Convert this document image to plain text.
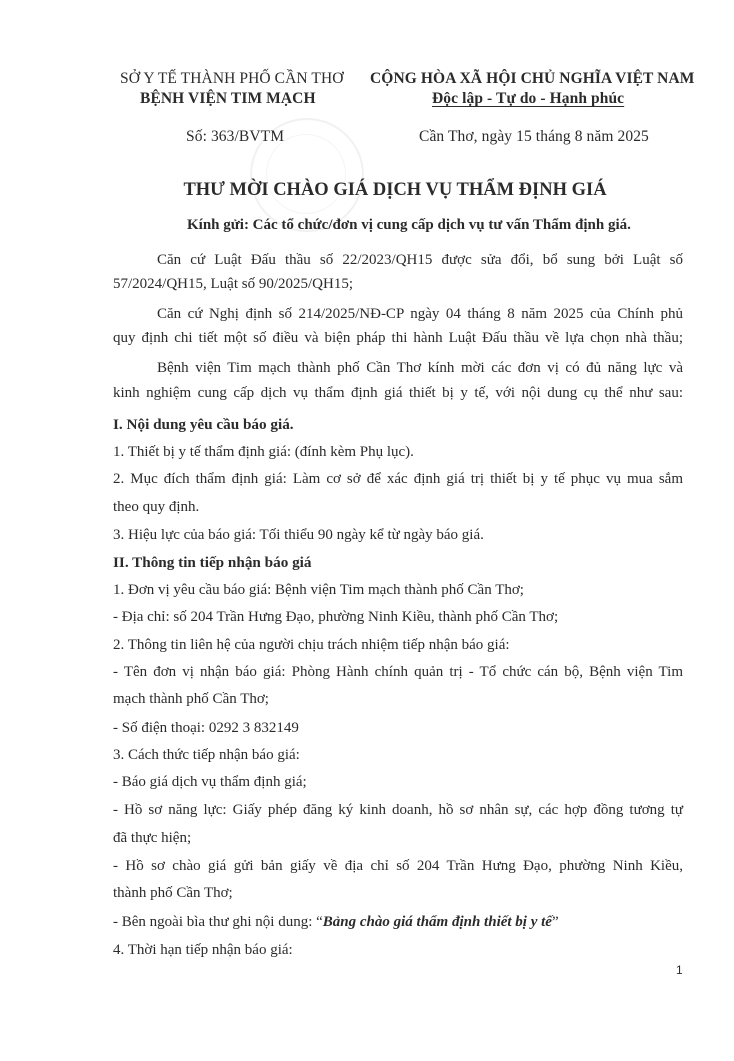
SỞ Y TẾ THÀNH PHỐ CẦN THƠ
BỆNH VIỆN TIM MẠCH
CỘNG HÒA XÃ HỘI CHỦ NGHĨA VIỆT NAM
Độc lập - Tự do - Hạnh phúc
Số: 363/BVTM	Cần Thơ, ngày 15 tháng 8 năm 2025
THƯ MỜI CHÀO GIÁ DỊCH VỤ THẨM ĐỊNH GIÁ
Kính gửi: Các tổ chức/đơn vị cung cấp dịch vụ tư vấn Thẩm định giá.
Căn cứ Luật Đấu thầu số 22/2023/QH15 được sửa đổi, bổ sung bởi Luật số
57/2024/QH15, Luật số 90/2025/QH15;
Căn cứ Nghị định số 214/2025/NĐ-CP ngày 04 tháng 8 năm 2025 của Chính phủ
quy định chi tiết một số điều và biện pháp thi hành Luật Đấu thầu về lựa chọn nhà thầu;
Bệnh viện Tim mạch thành phố Cần Thơ kính mời các đơn vị có đủ năng lực và
kinh nghiệm cung cấp dịch vụ thẩm định giá thiết bị y tế, với nội dung cụ thể như sau:
I. Nội dung yêu cầu báo giá.
1. Thiết bị y tế thẩm định giá: (đính kèm Phụ lục).
2. Mục đích thẩm định giá: Làm cơ sở để xác định giá trị thiết bị y tế phục vụ mua sắm
theo quy định.
3. Hiệu lực của báo giá: Tối thiểu 90 ngày kể từ ngày báo giá.
II. Thông tin tiếp nhận báo giá
1. Đơn vị yêu cầu báo giá: Bệnh viện Tim mạch thành phố Cần Thơ;
- Địa chỉ: số 204 Trần Hưng Đạo, phường Ninh Kiều, thành phố Cần Thơ;
2. Thông tin liên hệ của người chịu trách nhiệm tiếp nhận báo giá:
- Tên đơn vị nhận báo giá: Phòng Hành chính quản trị - Tổ chức cán bộ, Bệnh viện Tim
mạch thành phố Cần Thơ;
- Số điện thoại: 0292 3 832149
3. Cách thức tiếp nhận báo giá:
- Báo giá dịch vụ thẩm định giá;
- Hồ sơ năng lực: Giấy phép đăng ký kinh doanh, hồ sơ nhân sự, các hợp đồng tương tự
đã thực hiện;
- Hồ sơ chào giá gửi bản giấy về địa chỉ số 204 Trần Hưng Đạo, phường Ninh Kiều,
thành phố Cần Thơ;
- Bên ngoài bìa thư ghi nội dung: “Bảng chào giá thẩm định thiết bị y tế”
4. Thời hạn tiếp nhận báo giá:
1
